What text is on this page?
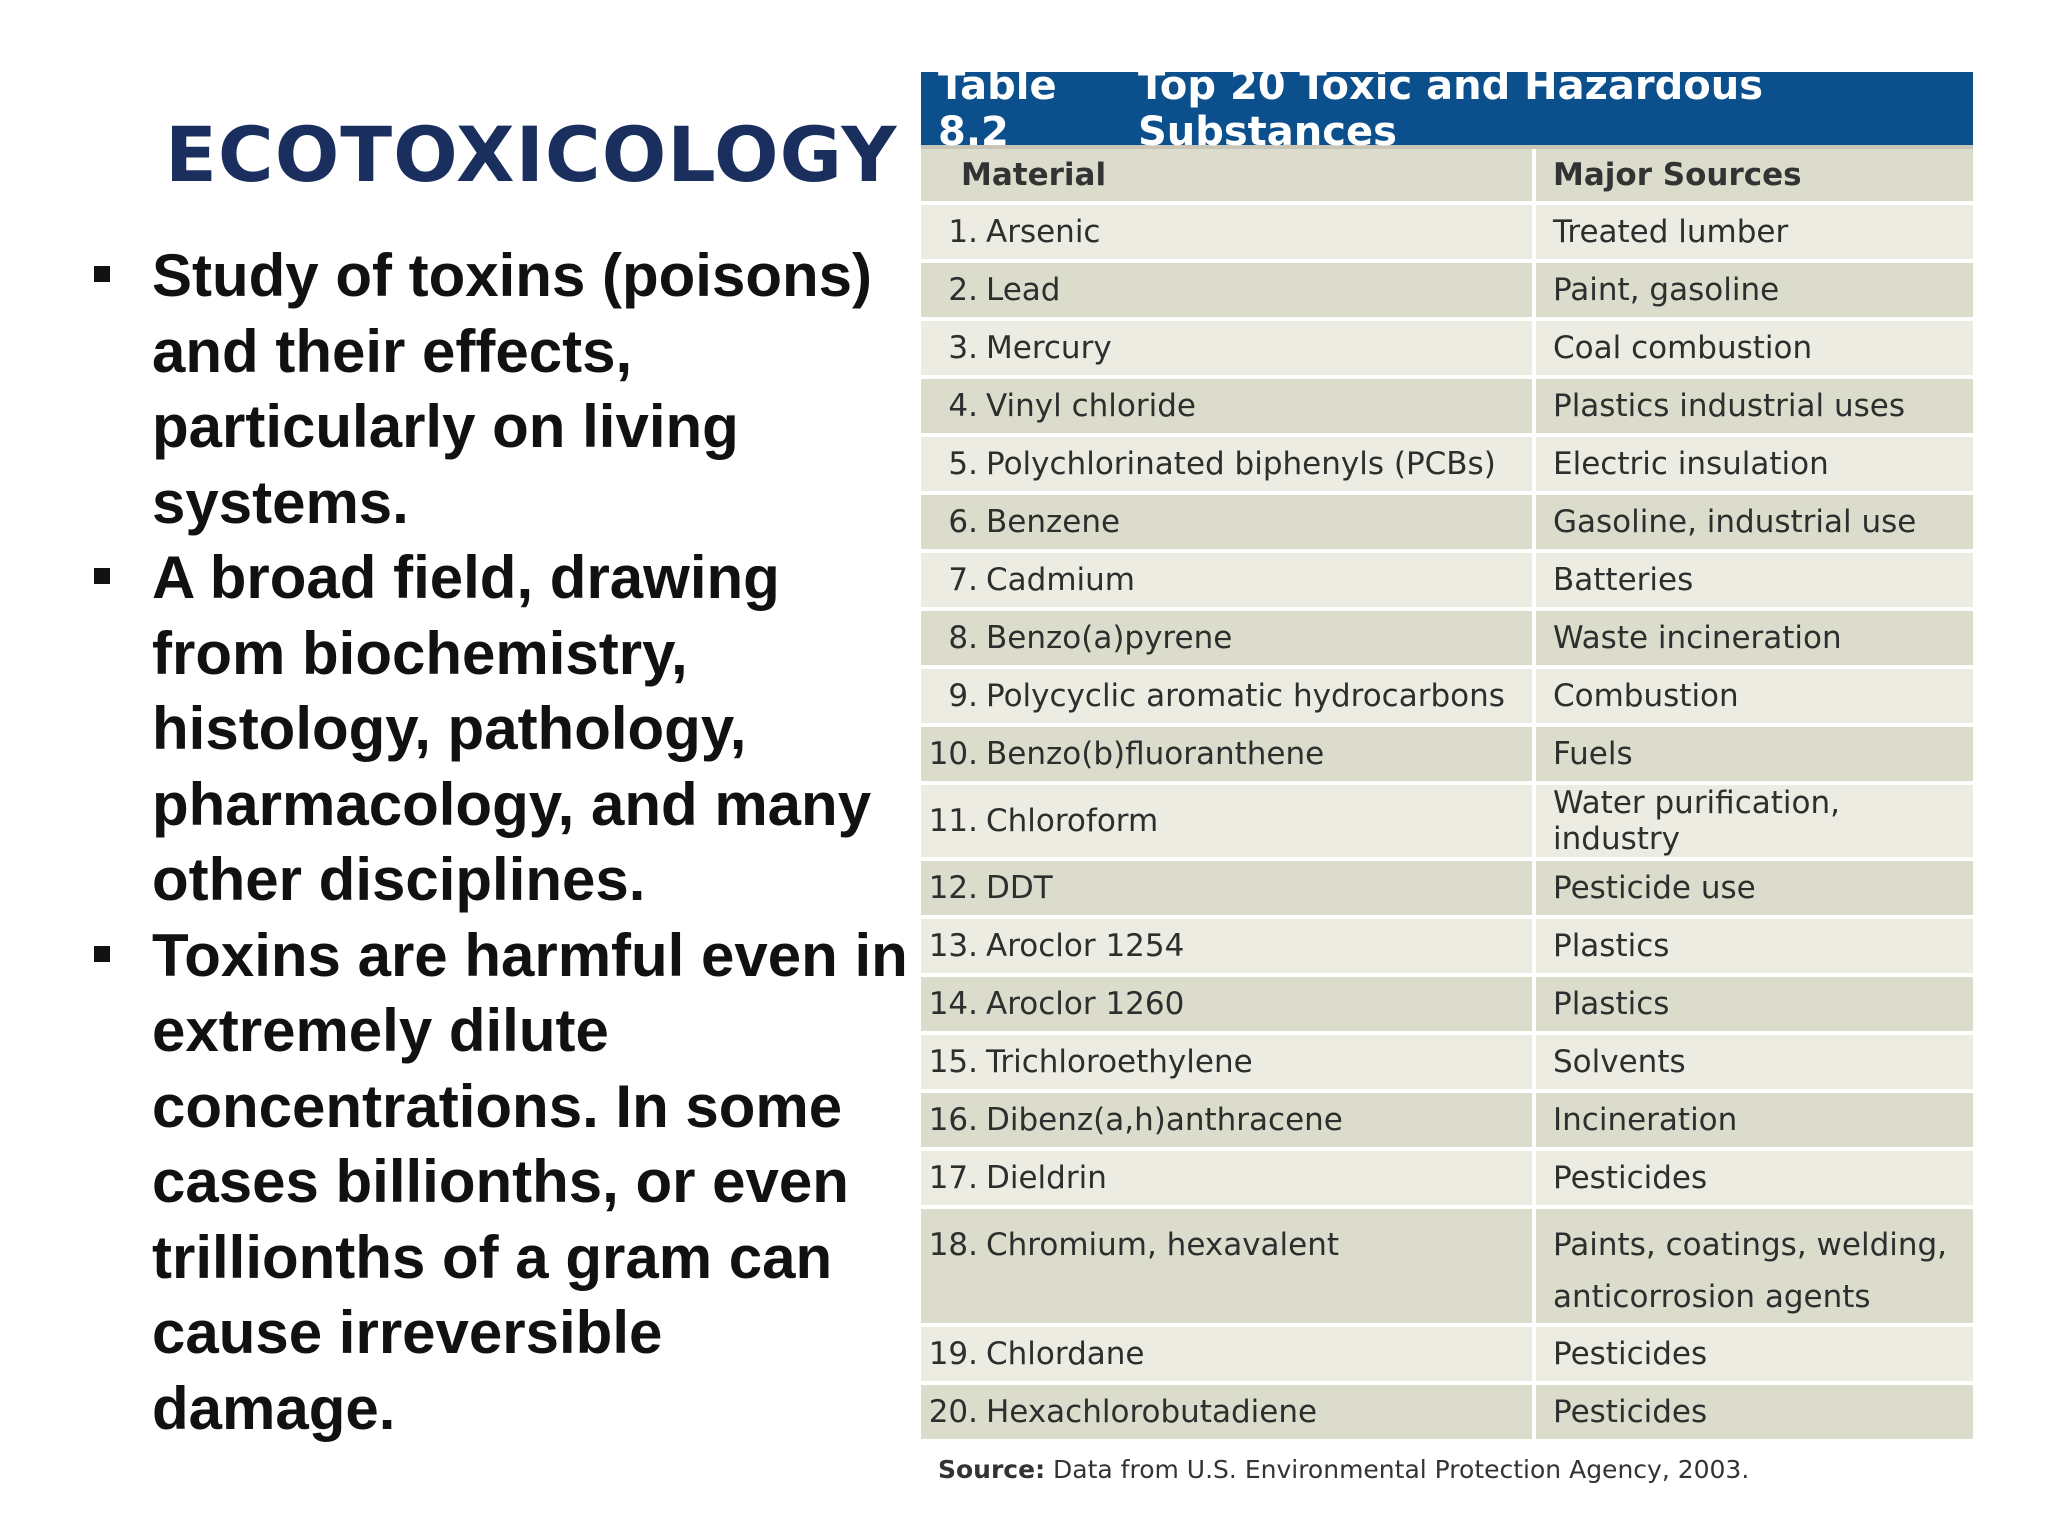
ECOTOXICOLOGY
Study of toxins (poisons) and their effects, particularly on living systems.
A broad field, drawing from biochemistry, histology, pathology, pharmacology, and many other disciplines.
Toxins are harmful even in extremely dilute concentrations. In some cases billionths, or even trillionths of a gram can cause irreversible damage.
Table 8.2
Top 20 Toxic and Hazardous Substances
Material	Major Sources
1. Arsenic	Treated lumber
2. Lead	Paint, gasoline
3. Mercury	Coal combustion
4. Vinyl chloride	Plastics industrial uses
5. Polychlorinated biphenyls (PCBs)	Electric insulation
6. Benzene	Gasoline, industrial use
7. Cadmium	Batteries
8. Benzo(a)pyrene	Waste incineration
9. Polycyclic aromatic hydrocarbons	Combustion
10. Benzo(b)fluoranthene	Fuels
11. Chloroform	Water purification, industry
12. DDT	Pesticide use
13. Aroclor 1254	Plastics
14. Aroclor 1260	Plastics
15. Trichloroethylene	Solvents
16. Dibenz(a,h)anthracene	Incineration
17. Dieldrin	Pesticides
18. Chromium, hexavalent	Paints, coatings, welding, anticorrosion agents
19. Chlordane	Pesticides
20. Hexachlorobutadiene	Pesticides
Source: Data from U.S. Environmental Protection Agency, 2003.
